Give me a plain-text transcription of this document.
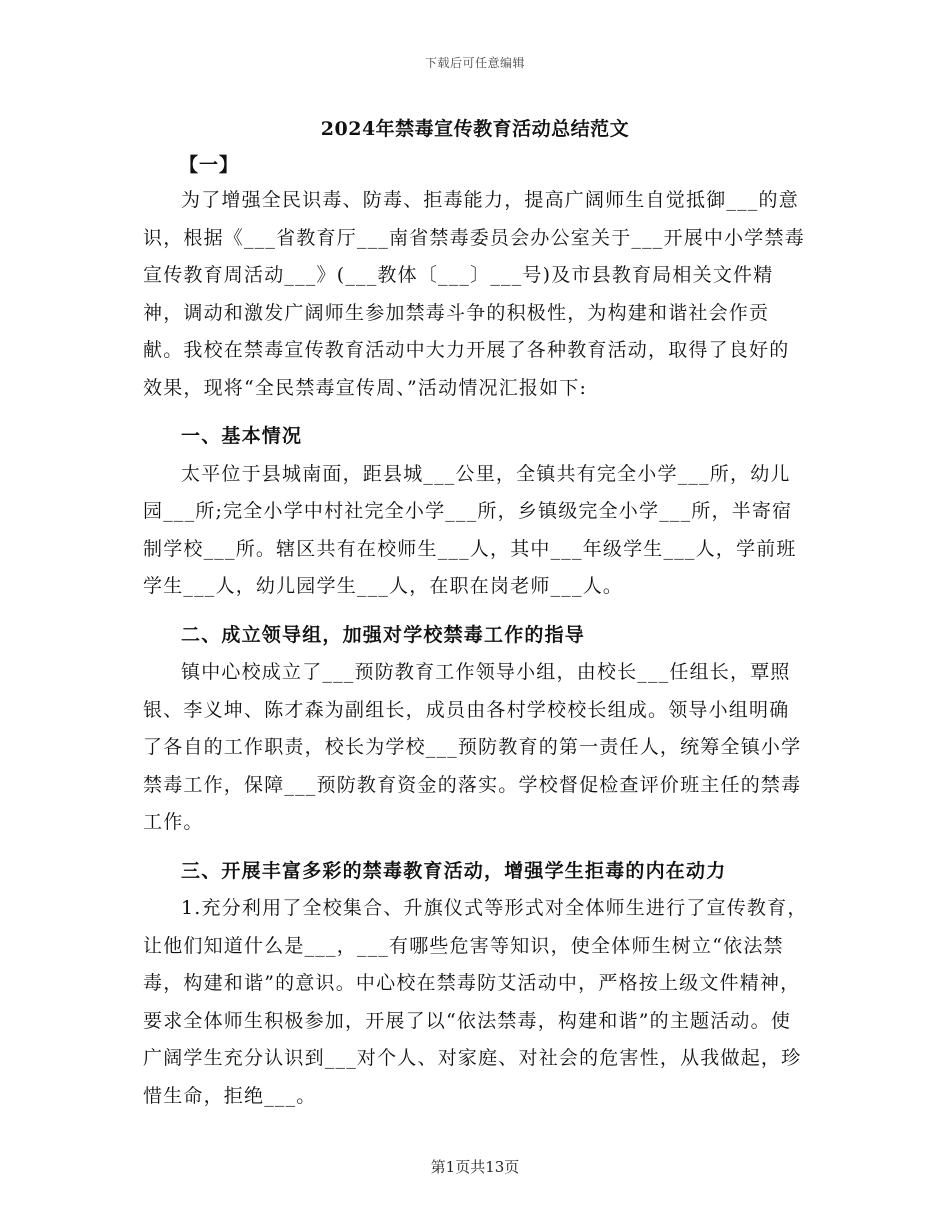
下载后可任意编辑
2024年禁毒宣传教育活动总结范文
【一】

为了增强全民识毒、防毒、拒毒能力，提高广阔师生自觉抵御___的意识，根据《___省教育厅___南省禁毒委员会办公室关于___开展中小学禁毒宣传教育周活动___》(___教体〔___〕___号)及市县教育局相关文件精神，调动和激发广阔师生参加禁毒斗争的积极性，为构建和谐社会作贡献。我校在禁毒宣传教育活动中大力开展了各种教育活动，取得了良好的效果，现将“全民禁毒宣传周、”活动情况汇报如下:

一、基本情况

太平位于县城南面，距县城___公里，全镇共有完全小学___所，幼儿园___所;完全小学中村社完全小学___所，乡镇级完全小学___所，半寄宿制学校___所。辖区共有在校师生___人，其中___年级学生___人，学前班学生___人，幼儿园学生___人，在职在岗老师___人。

二、成立领导组，加强对学校禁毒工作的指导

镇中心校成立了___预防教育工作领导小组，由校长___任组长，覃照银、李义坤、陈才森为副组长，成员由各村学校校长组成。领导小组明确了各自的工作职责，校长为学校___预防教育的第一责任人，统筹全镇小学禁毒工作，保障___预防教育资金的落实。学校督促检查评价班主任的禁毒工作。

三、开展丰富多彩的禁毒教育活动，增强学生拒毒的内在动力

1.充分利用了全校集合、升旗仪式等形式对全体师生进行了宣传教育，让他们知道什么是___，___有哪些危害等知识，使全体师生树立“依法禁毒，构建和谐”的意识。中心校在禁毒防艾活动中，严格按上级文件精神，要求全体师生积极参加，开展了以“依法禁毒，构建和谐”的主题活动。使广阔学生充分认识到___对个人、对家庭、对社会的危害性，从我做起，珍惜生命，拒绝___。

第1页共13页
